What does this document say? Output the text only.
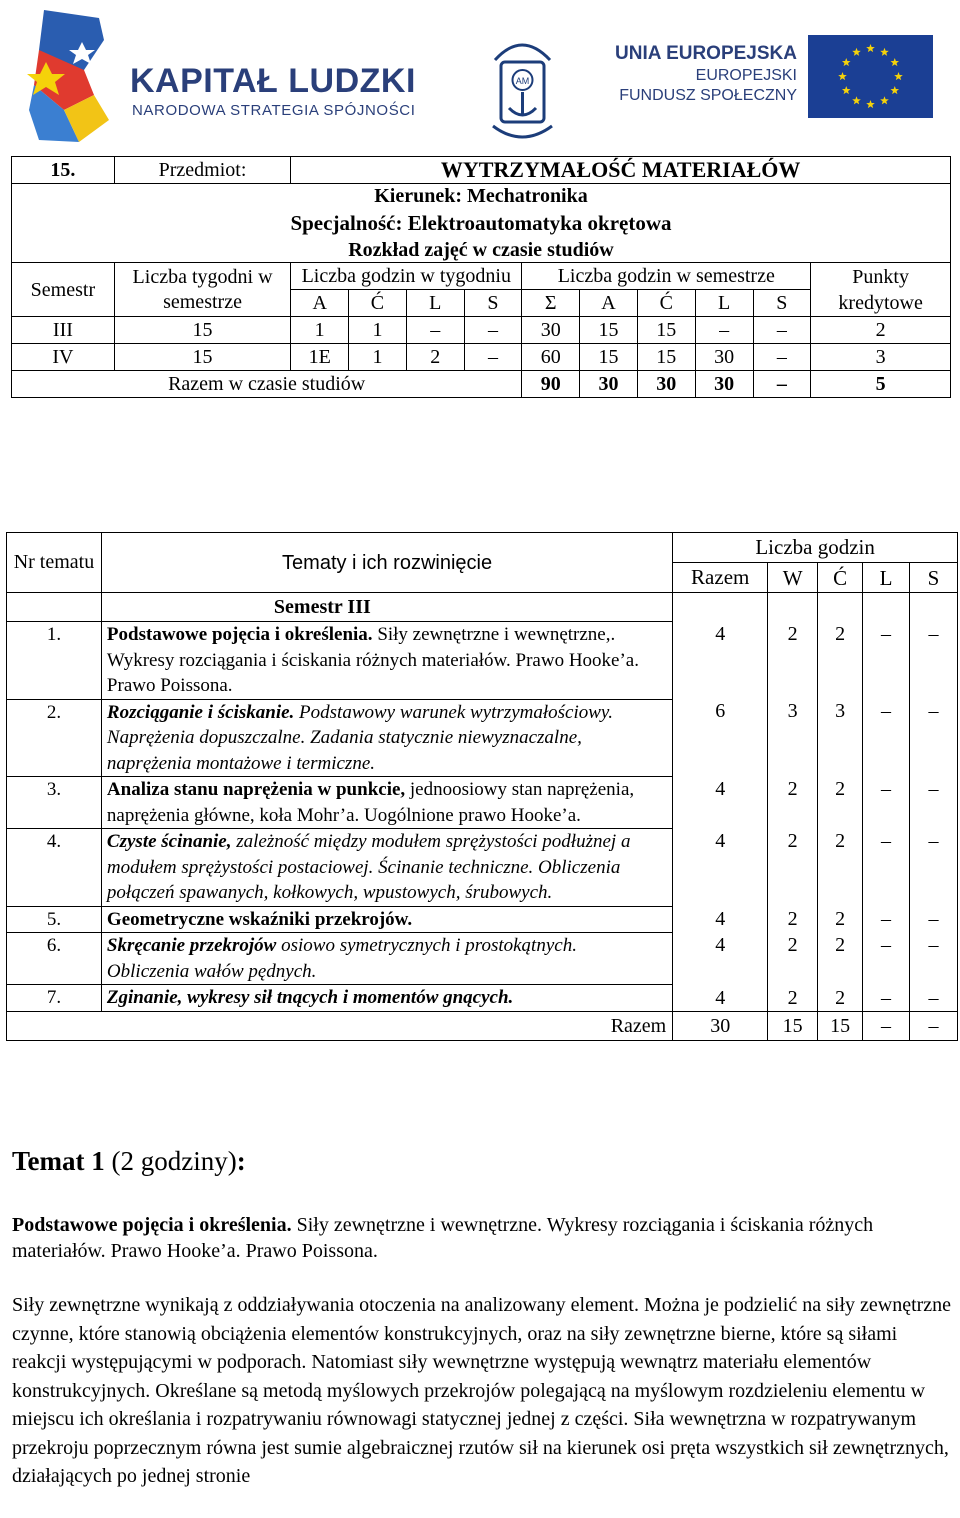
KAPITAŁ LUDZKI
NARODOWA STRATEGIA SPÓJNOŚCI
AM
UNIA EUROPEJSKA
EUROPEJSKI
FUNDUSZ SPOŁECZNY
15.	Przedmiot:	WYTRZYMAŁOŚĆ MATERIAŁÓW									
Kierunek: Mechatronika											
Specjalność: Elektroautomatyka okrętowa											
Rozkład zajęć w czasie studiów											
Semestr	Liczba tygodni w semestrze	Liczba godzin w tygodniu				Liczba godzin w semestrze					Punkty kredytowe
		A	Ć	L	S	Σ	A	Ć	L	S	
III	15	1	1	–	–	30	15	15	–	–	2
IV	15	1E	1	2	–	60	15	15	30	–	3
Razem w czasie studiów						90	30	30	30	–	5
Nr tematu	Tematy i ich rozwinięcie	Liczba godzin				
		Razem	W	Ć	L	S
	Semestr III					
1.	Podstawowe pojęcia i określenia. Siły zewnętrzne i wewnętrzne,. Wykresy rozciągania i ściskania różnych materiałów. Prawo Hooke’a. Prawo Poissona.	4	2	2	–	–
2.	Rozciąganie i ściskanie. Podstawowy warunek wytrzymałościowy. Naprężenia dopuszczalne. Zadania statycznie niewyznaczalne, naprężenia montażowe i termiczne.	6	3	3	–	–
3.	Analiza stanu naprężenia w punkcie, jednoosiowy stan naprężenia, naprężenia główne, koła Mohr’a. Uogólnione prawo Hooke’a.	4	2	2	–	–
4.	Czyste ścinanie, zależność między modułem sprężystości podłużnej a modułem sprężystości postaciowej. Ścinanie techniczne. Obliczenia połączeń spawanych, kołkowych, wpustowych, śrubowych.	4	2	2	–	–
5.	Geometryczne wskaźniki przekrojów.	4	2	2	–	–
6.	Skręcanie przekrojów osiowo symetrycznych i prostokątnych. Obliczenia wałów pędnych.	4	2	2	–	–
7.	Zginanie, wykresy sił tnących i momentów gnących.	4	2	2	–	–
	Razem	30	15	15	–	–
Temat 1 (2 godziny):
Podstawowe pojęcia i określenia. Siły zewnętrzne i wewnętrzne. Wykresy rozciągania i ściskania różnych materiałów. Prawo Hooke’a. Prawo Poissona.
Siły zewnętrzne wynikają z oddziaływania otoczenia na analizowany element. Można je podzielić na siły zewnętrzne czynne, które stanowią obciążenia elementów konstrukcyjnych, oraz na siły zewnętrzne bierne, które są siłami reakcji występującymi w podporach. Natomiast siły wewnętrzne występują wewnątrz materiału elementów konstrukcyjnych. Określane są metodą myślowych przekrojów polegającą na myślowym rozdzieleniu elementu w miejscu ich określania i rozpatrywaniu równowagi statycznej jednej z części. Siła wewnętrzna w rozpatrywanym przekroju poprzecznym równa jest sumie algebraicznej rzutów sił na kierunek osi pręta wszystkich sił zewnętrznych, działających po jednej stronie
